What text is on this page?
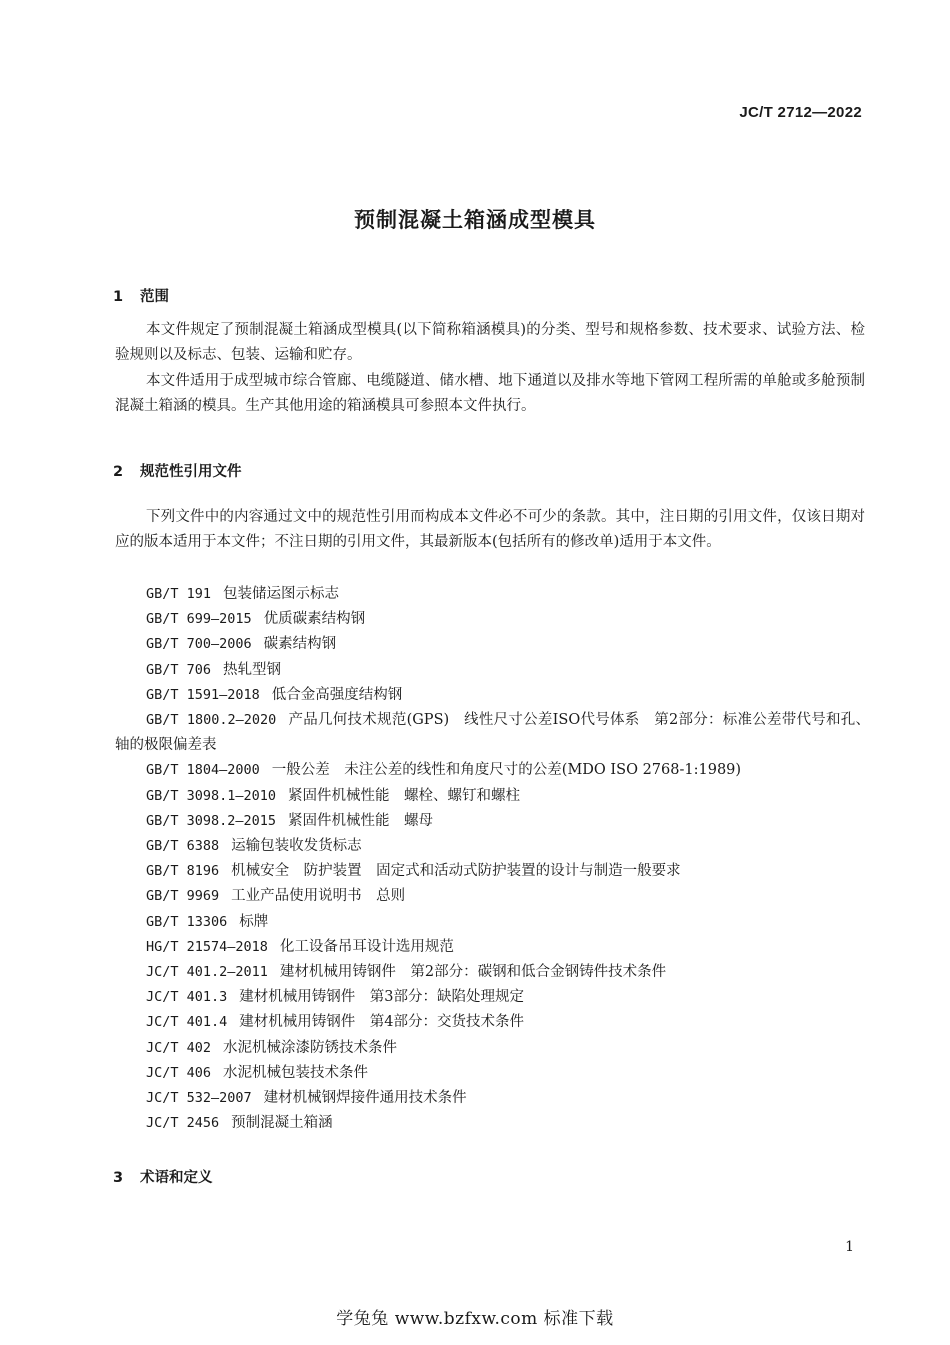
JC/T 2712—2022
预制混凝土箱涵成型模具
1 范围

本文件规定了预制混凝土箱涵成型模具(以下简称箱涵模具)的分类、型号和规格参数、技术要求、试验方法、检验规则以及标志、包装、运输和贮存。

本文件适用于成型城市综合管廊、电缆隧道、储水槽、地下通道以及排水等地下管网工程所需的单舱或多舱预制混凝土箱涵的模具。生产其他用途的箱涵模具可参照本文件执行。

2 规范性引用文件

下列文件中的内容通过文中的规范性引用而构成本文件必不可少的条款。其中，注日期的引用文件，仅该日期对应的版本适用于本文件；不注日期的引用文件，其最新版本(包括所有的修改单)适用于本文件。

GB/T 191 包装储运图示标志
GB/T 699—2015 优质碳素结构钢
GB/T 700—2006 碳素结构钢
GB/T 706 热轧型钢
GB/T 1591—2018 低合金高强度结构钢
GB/T 1800.2—2020 产品几何技术规范(GPS)　线性尺寸公差ISO代号体系　第2部分：标准公差带代号和孔、轴的极限偏差表
GB/T 1804—2000 一般公差　未注公差的线性和角度尺寸的公差(MDO ISO 2768-1:1989)
GB/T 3098.1—2010 紧固件机械性能　螺栓、螺钉和螺柱
GB/T 3098.2—2015 紧固件机械性能　螺母
GB/T 6388 运输包装收发货标志
GB/T 8196 机械安全　防护装置　固定式和活动式防护装置的设计与制造一般要求
GB/T 9969 工业产品使用说明书　总则
GB/T 13306 标牌
HG/T 21574—2018 化工设备吊耳设计选用规范
JC/T 401.2—2011 建材机械用铸钢件　第2部分：碳钢和低合金钢铸件技术条件
JC/T 401.3 建材机械用铸钢件　第3部分：缺陷处理规定
JC/T 401.4 建材机械用铸钢件　第4部分：交货技术条件
JC/T 402 水泥机械涂漆防锈技术条件
JC/T 406 水泥机械包装技术条件
JC/T 532—2007 建材机械钢焊接件通用技术条件
JC/T 2456 预制混凝土箱涵
3 术语和定义
1
学兔兔 www.bzfxw.com 标准下载
